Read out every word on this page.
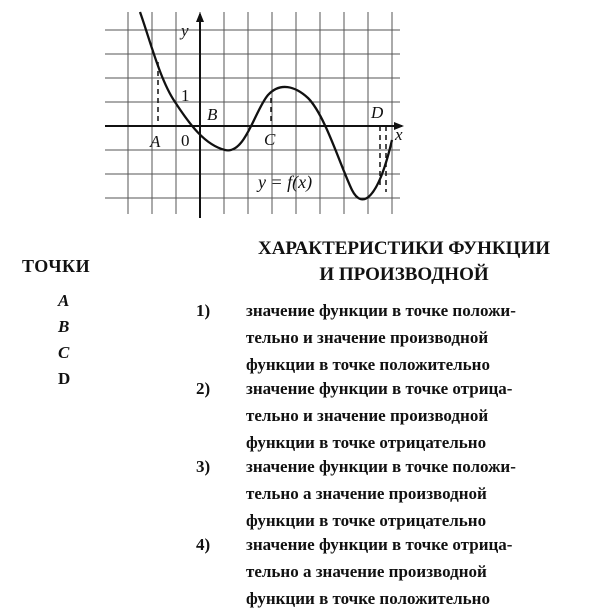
y
x
0
1
A
B
C
D
y = f(x)
ТОЧКИ
A
B
C
D
ХАРАКТЕРИСТИКИ ФУНКЦИИ
И ПРОИЗВОДНОЙ
1) значение функции в точке положи-
тельно и значение производной
функции в точке положительно
2) значение функции в точке отрица-
тельно и значение производной
функции в точке отрицательно
3) значение функции в точке положи-
тельно а значение производной
функции в точке отрицательно
4) значение функции в точке отрица-
тельно а значение производной
функции в точке положительно
